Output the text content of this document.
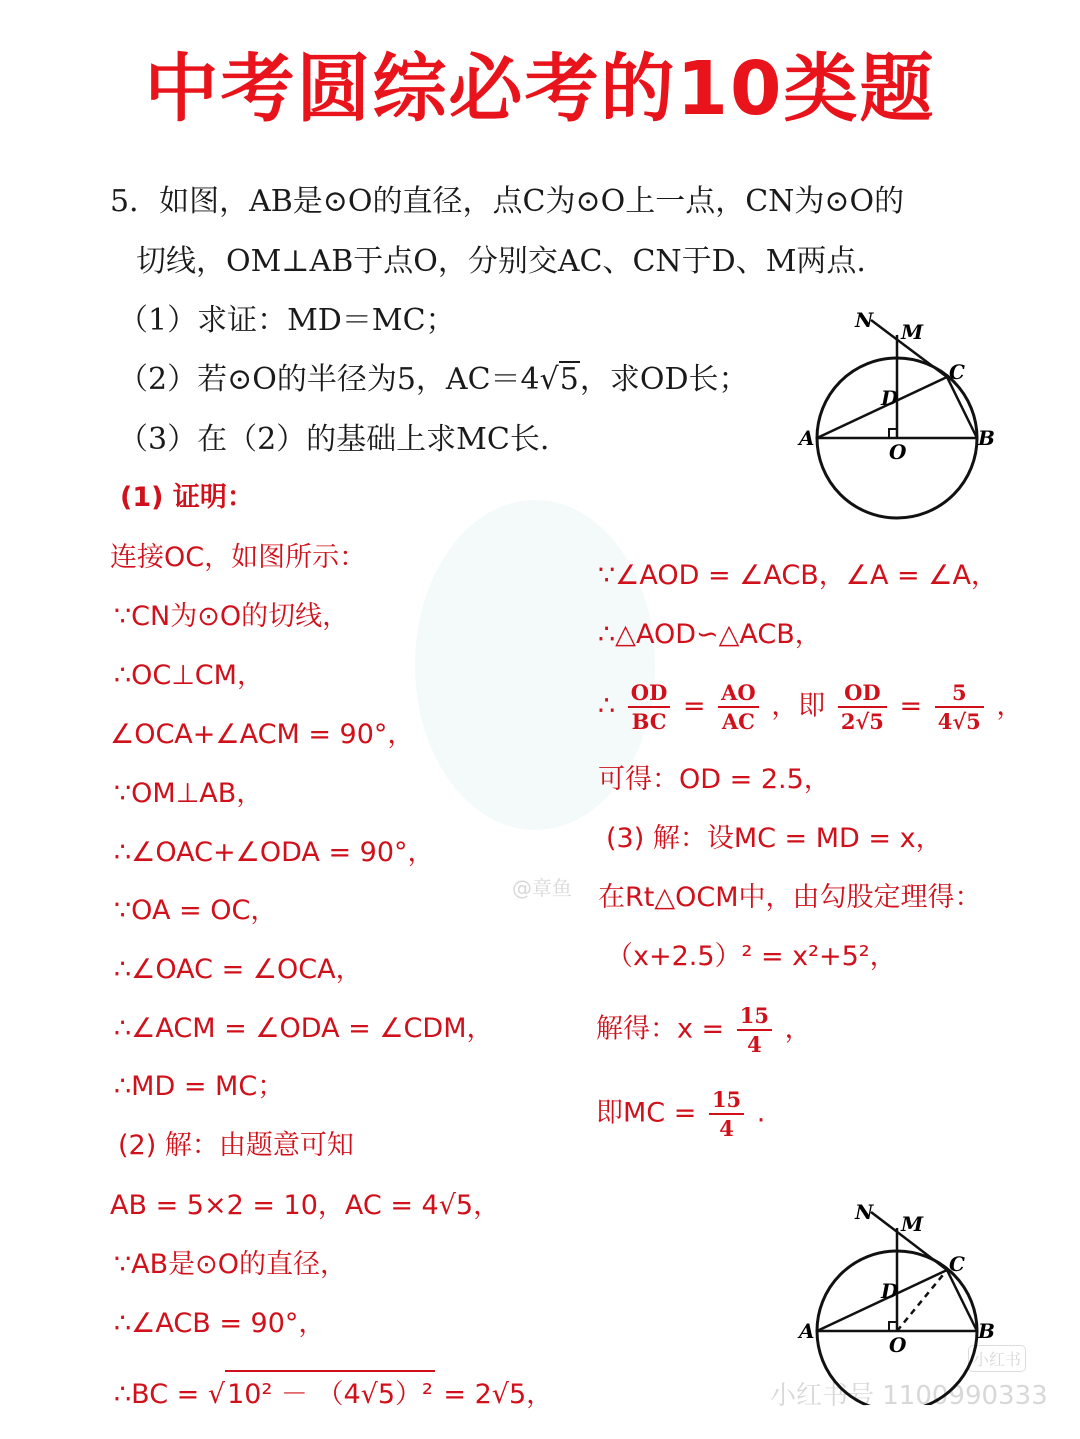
中考圆综必考的10类题
@章鱼
小红书号 1100990333
小红书
5．如图，AB是⊙O的直径，点C为⊙O上一点，CN为⊙O的
切线，OM⊥AB于点O，分别交AC、CN于D、M两点.
（1）求证：MD＝MC；
（2）若⊙O的半径为5，AC＝4√5，求OD长；
（3）在（2）的基础上求MC长.
N M
C
D
A	B
O
N M
C
D
A	B
O
(1) 证明：
连接OC，如图所示：
∵CN为⊙O的切线，
∴OC⊥CM，
∠OCA+∠ACM = 90°，
∵OM⊥AB，
∴∠OAC+∠ODA = 90°，
∵OA = OC，
∴∠OAC = ∠OCA，
∴∠ACM = ∠ODA = ∠CDM，
∴MD = MC；
(2) 解：由题意可知
AB = 5×2 = 10，AC = 4√5，
∵AB是⊙O的直径，
∴∠ACB = 90°，
∴BC = √10² － （4√5）² = 2√5，
∵∠AOD = ∠ACB，∠A = ∠A，
∴△AOD∽△ACB，
∴ $\frac{OD}{BC} = \frac{AO}{AC}$ ，即 $\frac{OD}{2√5} = \frac{5}{4√5}$ ，
可得：OD = 2.5，
(3) 解：设MC = MD = x，
在Rt△OCM中，由勾股定理得：
（x+2.5）² = x²+5²，
解得：$x = \frac{15}{4}$ ，
即MC = $\frac{15}{4}$ .
